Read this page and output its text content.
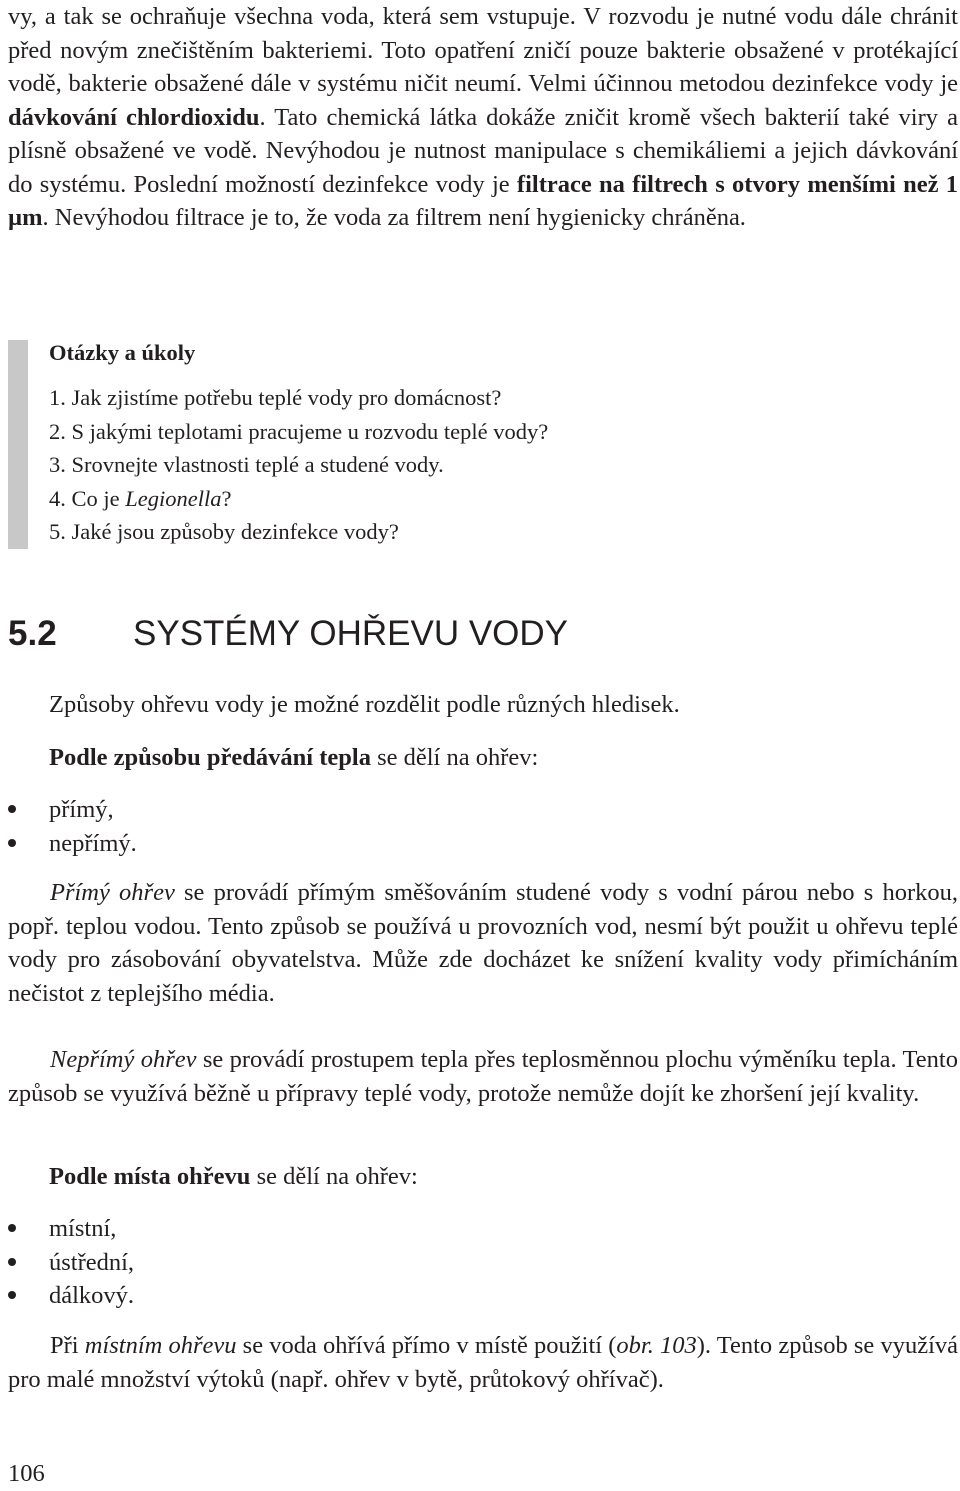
vy, a tak se ochraňuje všechna voda, která sem vstupuje. V rozvodu je nutné vodu dále chránit před novým znečištěním bakteriemi. Toto opatření zničí pouze bakterie obsažené v protékající vodě, bakterie obsažené dále v systému ničit neumí. Velmi účinnou metodou dezinfekce vody je dávkování chlordioxidu. Tato chemická látka dokáže zničit kromě všech bakterií také viry a plísně obsažené ve vodě. Nevýhodou je nutnost manipulace s chemikáliemi a jejich dávkování do systému. Poslední možností dezinfekce vody je filtrace na filtrech s otvory menšími než 1 µm. Nevýhodou filtrace je to, že voda za filtrem není hygienicky chráněna.

Otázky a úkoly

1. Jak zjistíme potřebu teplé vody pro domácnost?
2. S jakými teplotami pracujeme u rozvodu teplé vody?
3. Srovnejte vlastnosti teplé a studené vody.
4. Co je Legionella?
5. Jaké jsou způsoby dezinfekce vody?
5.2 SYSTÉMY OHŘEVU VODY

Způsoby ohřevu vody je možné rozdělit podle různých hledisek.

Podle způsobu předávání tepla se dělí na ohřev:

přímý,
nepřímý.

Přímý ohřev se provádí přímým směšováním studené vody s vodní párou nebo s horkou, popř. teplou vodou. Tento způsob se používá u provozních vod, nesmí být použit u ohřevu teplé vody pro zásobování obyvatelstva. Může zde docházet ke snížení kvality vody přimícháním nečistot z teplejšího média.

Nepřímý ohřev se provádí prostupem tepla přes teplosměnnou plochu výměníku tepla. Tento způsob se využívá běžně u přípravy teplé vody, protože nemůže dojít ke zhoršení její kvality.

Podle místa ohřevu se dělí na ohřev:

místní,
ústřední,
dálkový.

Při místním ohřevu se voda ohřívá přímo v místě použití (obr. 103). Tento způsob se využívá pro malé množství výtoků (např. ohřev v bytě, průtokový ohřívač).

106
